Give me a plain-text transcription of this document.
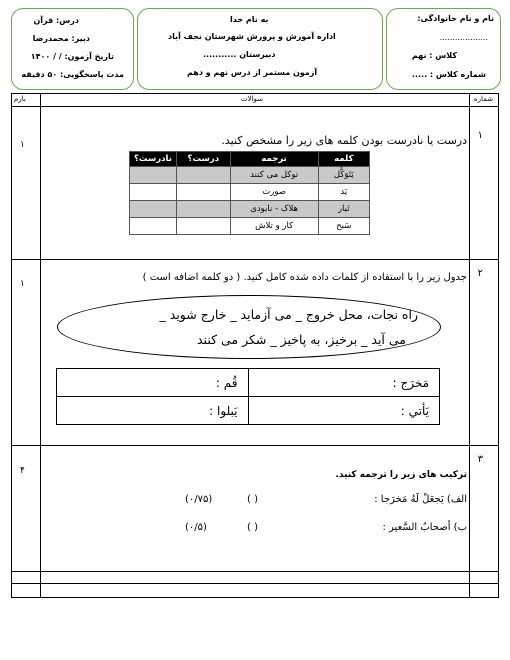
نام و نام خانوادگی:
...................
کلاس : نهم
شماره کلاس : .....
به نام خدا
اداره آموزش و پرورش شهرستان نجف آباد
دبیرستان ...........
آزمون مستمر از درس نهم و دهم
درس: قرآن
دبیر: محمدرضا
تاریخ آزمون: / / ۱۴۰۰
مدت پاسخگویی: ۵۰ دقیقه
شماره
سوالات
بارم
۱
۱	درست یا نادرست بودن کلمه های زیر را مشخص کنید.
کلمه	ترجمه	درست؟	نادرست؟
يَتَوَكَّل	توکل می کنند		
يَد	صورت		
تَبار	هلاک - نابودی		
سَبح	کار و تلاش		
۲
۱
جدول زیر را با استفاده از کلمات داده شده کامل کنید. ( دو کلمه اضافه است )
راه نجات، محل خروج _ می آزماید _ خارج شوید _
می آید _ برخیز، به پاخیز _ شکر می کنند
مَخرَج :	قُم :
يَأتي :	يَبلوا :
۳
۴	ترکیب های زیر را ترجمه کنید.
الف) يَجعَلْ لَهُ مَخرَجا :
( )
(۰/۷۵)
ب) أصحابُ السَّعير :
( )
(۰/۵)
